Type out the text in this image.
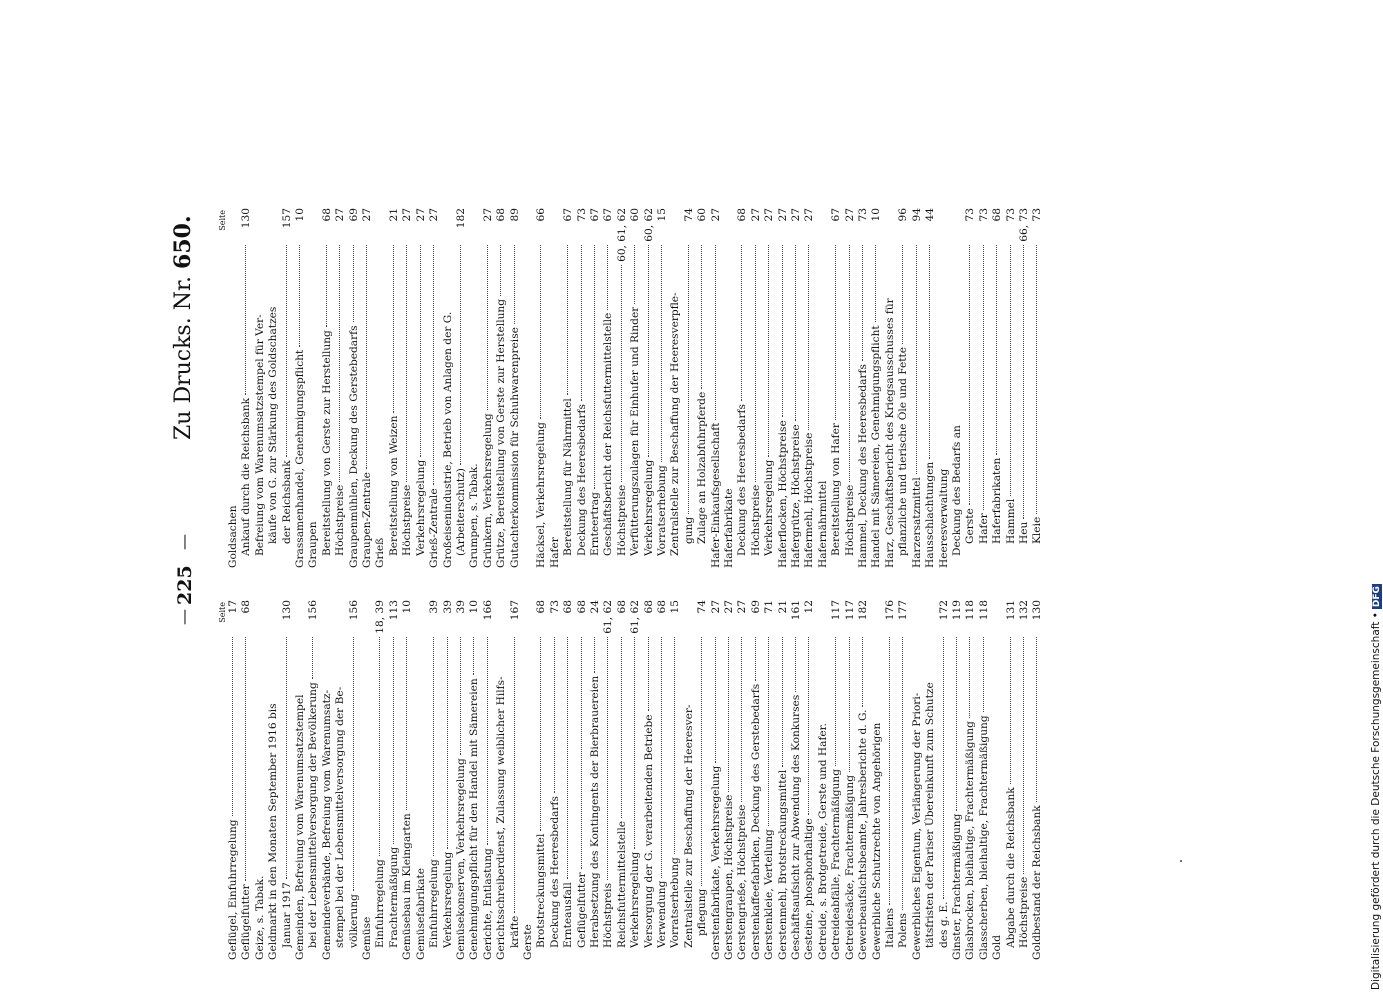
—
225
—
Zu Drucks. Nr. 650.
Seite
Geflügel, Einfuhrregelung
17
Geflügelfutter
68
Geize, s. Tabak. Geldmarkt in den Monaten September 1916 bis Januar 1917
130
Gemeinden, Befreiung vom Warenumsatzstempel bei der Lebensmittelversorgung der Bevölkerung
156
Gemeindeverbände, Befreiung vom Warenumsatz- stempel bei der Lebensmittelversorgung der Be- völkerung
156
Gemüse Einfuhrregelung
18, 39
Frachtermäßigung
113
Gemüsebau im Kleingarten
10
Gemüsefabrikate Einfuhrregelung
39
Verkehrsregelung
39
Gemüsekonserven, Verkehrsregelung
39
Genehmigungspflicht für den Handel mit Sämereien
10
Gerichte, Entlastung
166
Gerichtsschreiberdienst, Zulassung weiblicher Hilfs- kräfte
167
Gerste Brotstreckungsmittel
68
Deckung des Heeresbedarfs
73
Ernteausfall
68
Geflügelfutter
68
Herabsetzung des Kontingents der Bierbrauereien
24
Höchstpreis
61, 62
Reichsfuttermittelstelle
68
Verkehrsregelung
61, 62
Versorgung der G. verarbeitenden Betriebe
68
Verwendung
68
Vorratserhebung
15
Zentralstelle zur Beschaffung der Heeresver- pflegung
74
Gerstenfabrikate, Verkehrsregelung
27
Gerstengraupen, Höchstpreise
27
Gerstengrieße, Höchstpreise
27
Gerstenkaffeefabriken, Deckung des Gerstebedarfs
69
Gerstenkleie, Verteilung
71
Gerstenmehl, Brotstreckungsmittel
21
Geschäftsaufsicht zur Abwendung des Konkurses
161
Gesteine, phosphorhaltige
12
Getreide, s. Brotgetreide, Gerste und Hafer. Getreideabfälle, Frachtermäßigung
117
Getreidesäcke, Frachtermäßigung
117
Gewerbeaufsichtsbeamte, Jahresberichte d. G.
182
Gewerbliche Schutzrechte von Angehörigen Italiens
176
Polens
177
Gewerbliches Eigentum, Verlängerung der Priori- tätsfristen der Pariser Übereinkunft zum Schutze des g. E.
172
Ginster, Frachtermäßigung
119
Glasbrocken, bleihaltige, Frachtermäßigung
118
Glasscherben, bleihaltige, Frachtermäßigung
118
Gold Abgabe durch die Reichsbank
131
Höchstpreise
132
Goldbestand der Reichsbank
130
Seite
Goldsachen Ankauf durch die Reichsbank
130
Befreiung vom Warenumsatzstempel für Ver- käufe von G. zur Stärkung des Goldschatzes der Reichsbank
157
Grassamenhandel, Genehmigungspflicht
10
Graupen Bereitstellung von Gerste zur Herstellung
68
Höchstpreise
27
Graupenmühlen, Deckung des Gerstebedarfs
69
Graupen-Zentrale
27
Grieß Bereitstellung von Weizen
21
Höchstpreise
27
Verkehrsregelung
27
Grieß-Zentrale
27
Großeisenindustrie, Betrieb von Anlagen der G. (Arbeiterschutz)
182
Grumpen, s. Tabak. Grünkern, Verkehrsregelung
27
Grütze, Bereitstellung von Gerste zur Herstellung
68
Gutachterkommission für Schuhwarenpreise
89
Häcksel, Verkehrsregelung
66
Hafer Bereitstellung für Nährmittel
67
Deckung des Heeresbedarfs
73
Ernteertrag
67
Geschäftsbericht der Reichsfuttermittelstelle
67
Höchstpreise
60, 61, 62
Verfütterungszulagen für Einhufer und Rinder
60
Verkehrsregelung
60, 62
Vorratserhebung
15
Zentralstelle zur Beschaffung der Heeresverpfle- gung
74
Zulage an Holzabfuhrpferde
60
Hafer-Einkaufsgesellschaft
27
Haferfabrikate Deckung des Heeresbedarfs
68
Höchstpreise
27
Verkehrsregelung
27
Haferflocken, Höchstpreise
27
Hafergrütze, Höchstpreise
27
Hafermehl, Höchstpreise
27
Hafernährmittel Bereitstellung von Hafer
67
Höchstpreise
27
Hammel, Deckung des Heeresbedarfs
73
Handel mit Sämereien, Genehmigungspflicht
10
Harz, Geschäftsbericht des Kriegsausschusses für pflanzliche und tierische Öle und Fette
96
Harzersatzmittel
94
Hausschlachtungen
44
Heeresverwaltung Deckung des Bedarfs an Gerste
73
Hafer
73
Haferfabrikaten
68
Hammel
73
Heu
66, 73
Kleie
73
Digitalisierung gefördert durch die Deutsche Forschungsgemeinschaft •DFG
